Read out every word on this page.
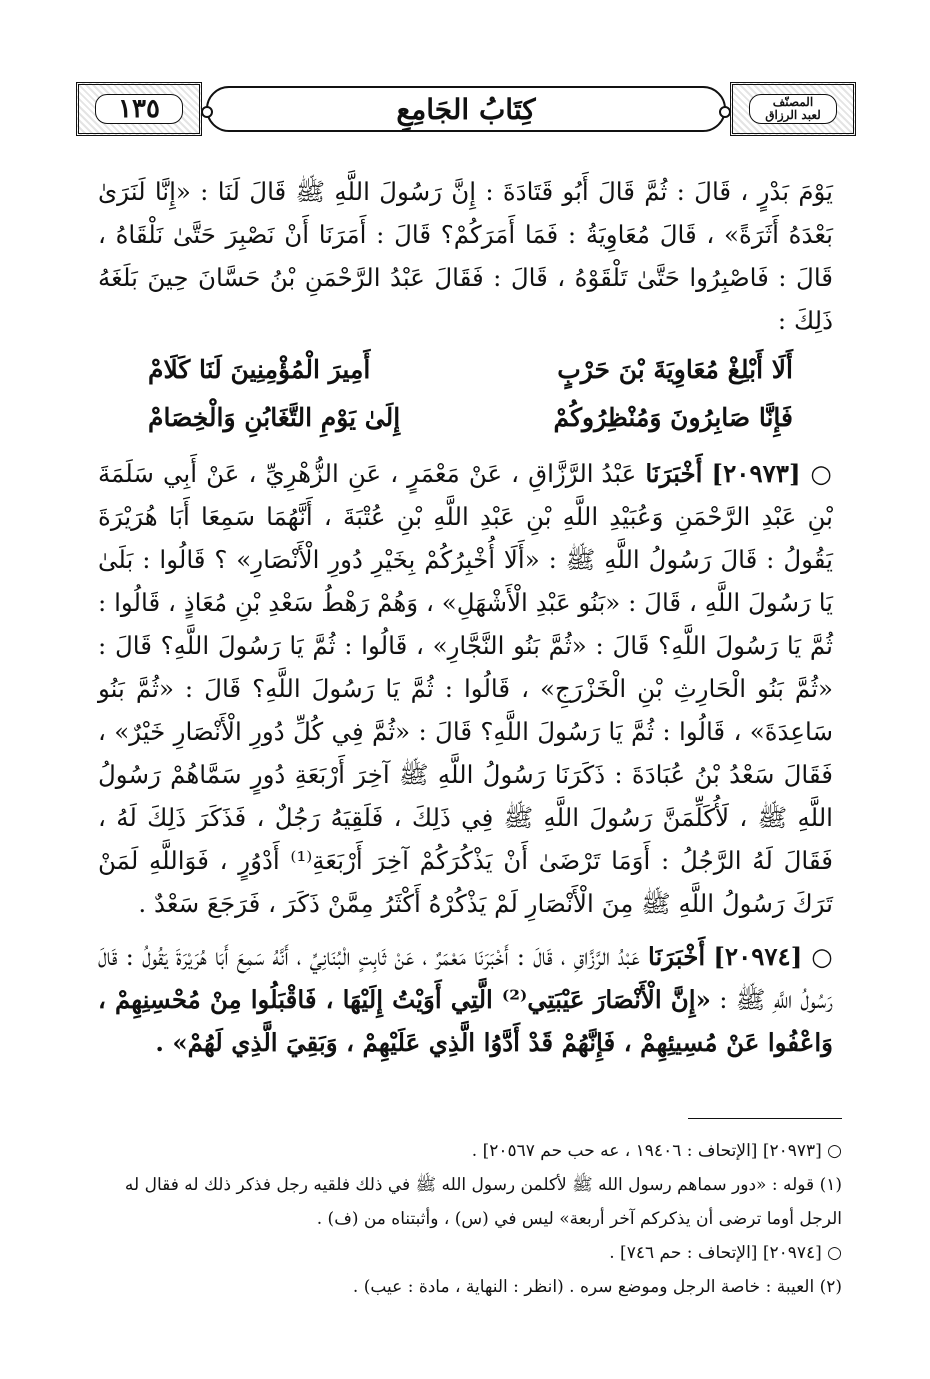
١٣٥	كِتَابُ الجَامِعِ	المصنّف
لعبد الرزاق

يَوْمَ بَدْرٍ ، قَالَ : ثُمَّ قَالَ أَبُو قَتَادَةَ : إِنَّ رَسُولَ اللَّهِ ﷺ قَالَ لَنَا : «إِنَّا لَنَرَىٰ بَعْدَهُ أَثَرَةً» ، قَالَ مُعَاوِيَةُ : فَمَا أَمَرَكُمْ؟ قَالَ : أَمَرَنَا أَنْ نَصْبِرَ حَتَّىٰ نَلْقَاهُ ، قَالَ : فَاصْبِرُوا حَتَّىٰ تَلْقَوْهُ ، قَالَ : فَقَالَ عَبْدُ الرَّحْمَنِ بْنُ حَسَّانَ حِينَ بَلَغَهُ ذَلِكَ :

أَلَا أَبْلِغْ مُعَاوِيَةَ بْنَ حَرْبٍ
أَمِيرَ الْمُؤْمِنِينَ لَنَا كَلَامْ
فَإِنَّا صَابِرُونَ وَمُنْظِرُوكُمْ
إِلَىٰ يَوْمِ التَّغَابُنِ وَالْخِصَامْ

○ [٢٠٩٧٣] أَخْبَرَنَا عَبْدُ الرَّزَّاقِ ، عَنْ مَعْمَرٍ ، عَنِ الزُّهْرِيِّ ، عَنْ أَبِي سَلَمَةَ بْنِ عَبْدِ الرَّحْمَنِ وَعُبَيْدِ اللَّهِ بْنِ عَبْدِ اللَّهِ بْنِ عُتْبَةَ ، أَنَّهُمَا سَمِعَا أَبَا هُرَيْرَةَ يَقُولُ : قَالَ رَسُولُ اللَّهِ ﷺ : «أَلَا أُخْبِرُكُمْ بِخَيْرِ دُورِ الْأَنْصَارِ» ؟ قَالُوا : بَلَىٰ يَا رَسُولَ اللَّهِ ، قَالَ : «بَنُو عَبْدِ الْأَشْهَلِ» ، وَهُمْ رَهْطُ سَعْدِ بْنِ مُعَاذٍ ، قَالُوا : ثُمَّ يَا رَسُولَ اللَّهِ؟ قَالَ : «ثُمَّ بَنُو النَّجَّارِ» ، قَالُوا : ثُمَّ يَا رَسُولَ اللَّهِ؟ قَالَ : «ثُمَّ بَنُو الْحَارِثِ بْنِ الْخَزْرَجِ» ، قَالُوا : ثُمَّ يَا رَسُولَ اللَّهِ؟ قَالَ : «ثُمَّ بَنُو سَاعِدَةَ» ، قَالُوا : ثُمَّ يَا رَسُولَ اللَّهِ؟ قَالَ : «ثُمَّ فِي كُلِّ دُورِ الْأَنْصَارِ خَيْرٌ» ، فَقَالَ سَعْدُ بْنُ عُبَادَةَ : ذَكَرَنَا رَسُولُ اللَّهِ ﷺ آخِرَ أَرْبَعَةِ دُورٍ سَمَّاهُمْ رَسُولُ اللَّهِ ﷺ ، لَأُكَلِّمَنَّ رَسُولَ اللَّهِ ﷺ فِي ذَلِكَ ، فَلَقِيَهُ رَجُلٌ ، فَذَكَرَ ذَلِكَ لَهُ ، فَقَالَ لَهُ الرَّجُلُ : أَوَمَا تَرْضَىٰ أَنْ يَذْكُرَكُمْ آخِرَ أَرْبَعَةِ⁽¹⁾ أَدْوُرٍ ، فَوَاللَّهِ لَمَنْ تَرَكَ رَسُولُ اللَّهِ ﷺ مِنَ الْأَنْصَارِ لَمْ يَذْكُرْهُ أَكْثَرُ مِمَّنْ ذَكَرَ ، فَرَجَعَ سَعْدٌ .

○ [٢٠٩٧٤] أَخْبَرَنَا عَبْدُ الرَّزَّاقِ ، قَالَ : أَخْبَرَنَا مَعْمَرٌ ، عَنْ ثَابِتٍ الْبُنَانِيِّ ، أَنَّهُ سَمِعَ أَبَا هُرَيْرَةَ يَقُولُ : قَالَ رَسُولُ اللَّهِ ﷺ : «إِنَّ الْأَنْصَارَ عَيْبَتِي⁽²⁾ الَّتِي أَوَيْتُ إِلَيْهَا ، فَاقْبَلُوا مِنْ مُحْسِنِهِمْ ، وَاعْفُوا عَنْ مُسِيئِهِمْ ، فَإِنَّهُمْ قَدْ أَدَّوُا الَّذِي عَلَيْهِمْ ، وَبَقِيَ الَّذِي لَهُمْ» .

○ [٢٠٩٧٣] [الإتحاف : ١٩٤٠٦ ، عه حب حم ٢٠٥٦٧] .

(١) قوله : «دور سماهم رسول الله ﷺ لأكلمن رسول الله ﷺ في ذلك فلقيه رجل فذكر ذلك له فقال له الرجل أوما ترضى أن يذكركم آخر أربعة» ليس في (س) ، وأثبتناه من (ف) .

○ [٢٠٩٧٤] [الإتحاف : حم ٧٤٦] .

(٢) العيبة : خاصة الرجل وموضع سره . (انظر : النهاية ، مادة : عيب) .
